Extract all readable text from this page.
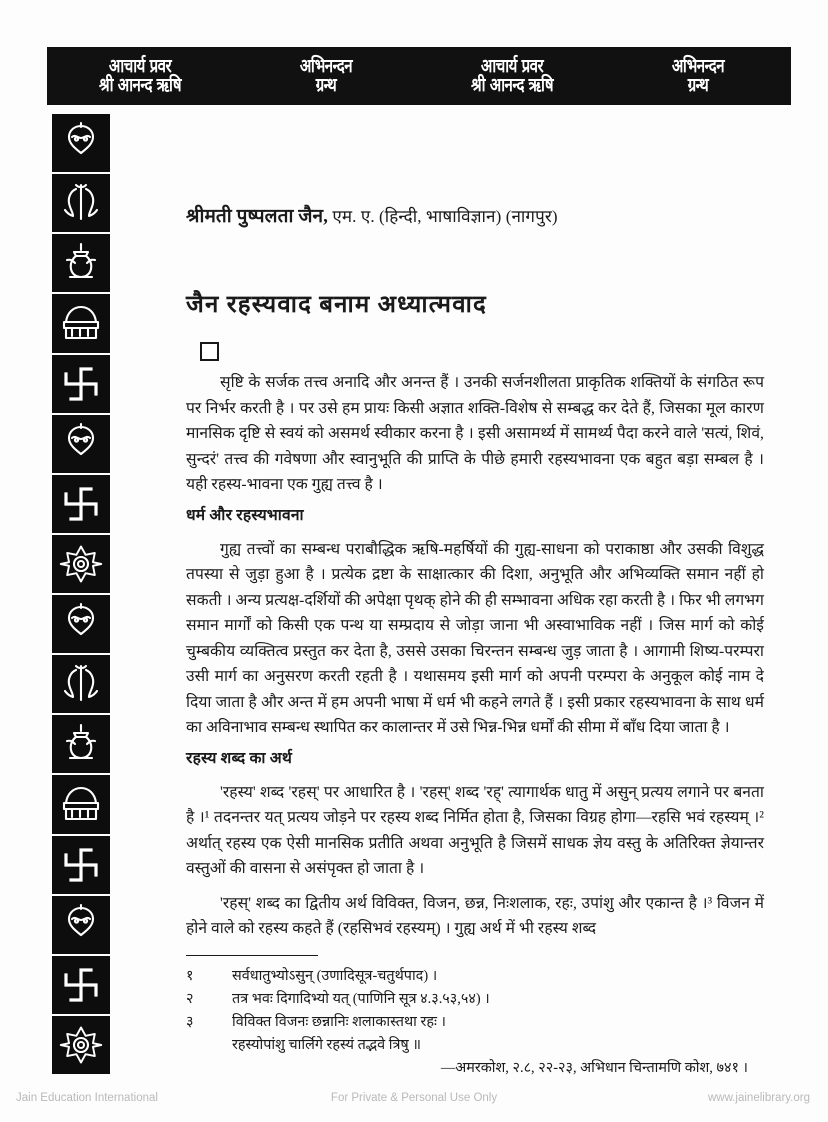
आचार्य प्रवर
श्री आनन्द ऋषि
अभिनन्दन
ग्रन्थ
आचार्य प्रवर
श्री आनन्द ऋषि
अभिनन्दन
ग्रन्थ
श्रीमती पुष्पलता जैन, एम. ए. (हिन्दी, भाषाविज्ञान) (नागपुर)
जैन रहस्यवाद बनाम अध्यात्मवाद

सृष्टि के सर्जक तत्त्व अनादि और अनन्त हैं । उनकी सर्जनशीलता प्राकृतिक शक्तियों के संगठित रूप पर निर्भर करती है । पर उसे हम प्रायः किसी अज्ञात शक्ति-विशेष से सम्बद्ध कर देते हैं, जिसका मूल कारण मानसिक दृष्टि से स्वयं को असमर्थ स्वीकार करना है । इसी असामर्थ्य में सामर्थ्य पैदा करने वाले 'सत्यं, शिवं, सुन्दरं' तत्त्व की गवेषणा और स्वानुभूति की प्राप्ति के पीछे हमारी रहस्यभावना एक बहुत बड़ा सम्बल है । यही रहस्य-भावना एक गुह्य तत्त्व है ।

धर्म और रहस्यभावना

गुह्य तत्त्वों का सम्बन्ध पराबौद्धिक ऋषि-महर्षियों की गुह्य-साधना को पराकाष्ठा और उसकी विशुद्ध तपस्या से जुड़ा हुआ है । प्रत्येक द्रष्टा के साक्षात्कार की दिशा, अनुभूति और अभिव्यक्ति समान नहीं हो सकती । अन्य प्रत्यक्ष-दर्शियों की अपेक्षा पृथक् होने की ही सम्भावना अधिक रहा करती है । फिर भी लगभग समान मार्गों को किसी एक पन्थ या सम्प्रदाय से जोड़ा जाना भी अस्वाभाविक नहीं । जिस मार्ग को कोई चुम्बकीय व्यक्तित्व प्रस्तुत कर देता है, उससे उसका चिरन्तन सम्बन्ध जुड़ जाता है । आगामी शिष्य-परम्परा उसी मार्ग का अनुसरण करती रहती है । यथासमय इसी मार्ग को अपनी परम्परा के अनुकूल कोई नाम दे दिया जाता है और अन्त में हम अपनी भाषा में धर्म भी कहने लगते हैं । इसी प्रकार रहस्यभावना के साथ धर्म का अविनाभाव सम्बन्ध स्थापित कर कालान्तर में उसे भिन्न-भिन्न धर्मों की सीमा में बाँध दिया जाता है ।

रहस्य शब्द का अर्थ

'रहस्य' शब्द 'रहस्' पर आधारित है । 'रहस्' शब्द 'रह्' त्यागार्थक धातु में असुन् प्रत्यय लगाने पर बनता है ।¹ तदनन्तर यत् प्रत्यय जोड़ने पर रहस्य शब्द निर्मित होता है, जिसका विग्रह होगा—रहसि भवं रहस्यम् ।² अर्थात् रहस्य एक ऐसी मानसिक प्रतीति अथवा अनुभूति है जिसमें साधक ज्ञेय वस्तु के अतिरिक्त ज्ञेयान्तर वस्तुओं की वासना से असंपृक्त हो जाता है ।

'रहस्' शब्द का द्वितीय अर्थ विविक्त, विजन, छन्न, निःशलाक, रहः, उपांशु और एकान्त है ।³ विजन में होने वाले को रहस्य कहते हैं (रहसिभवं रहस्यम्) । गुह्य अर्थ में भी रहस्य शब्द

१	सर्वधातुभ्योऽसुन् (उणादिसूत्र-चतुर्थपाद) ।
२	तत्र भवः दिगादिभ्यो यत् (पाणिनि सूत्र ४.३.५३,५४) ।
३	विविक्त विजनः छन्नानिः शलाकास्तथा रहः ।
रहस्योपांशु चार्लिगे रहस्यं तद्भवे त्रिषु ॥
—अमरकोश, २.८, २२-२३, अभिधान चिन्तामणि कोश, ७४१ ।
Jain Education International	For Private & Personal Use Only	www.jainelibrary.org
